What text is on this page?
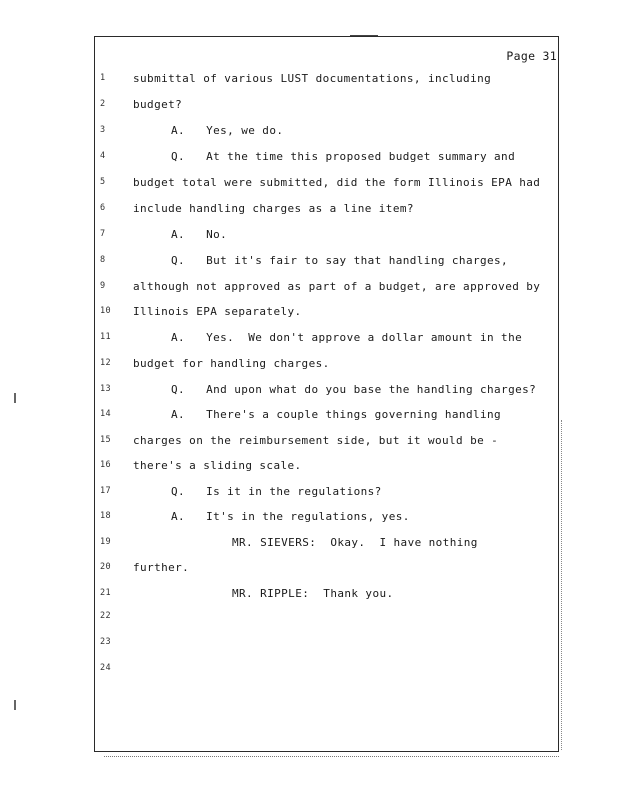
Page 31
1	submittal of various LUST documentations, including
2	budget?
3	A.   Yes, we do.
4	Q.   At the time this proposed budget summary and
5	budget total were submitted, did the form Illinois EPA had
6	include handling charges as a line item?
7	A.   No.
8	Q.   But it's fair to say that handling charges,
9	although not approved as part of a budget, are approved by
10	Illinois EPA separately.
11	A.   Yes.  We don't approve a dollar amount in the
12	budget for handling charges.
13	Q.   And upon what do you base the handling charges?
14	A.   There's a couple things governing handling
15	charges on the reimbursement side, but it would be -
16	there's a sliding scale.
17	Q.   Is it in the regulations?
18	A.   It's in the regulations, yes.
19	MR. SIEVERS:  Okay.  I have nothing
20	further.
21	MR. RIPPLE:  Thank you.
22
23
24
